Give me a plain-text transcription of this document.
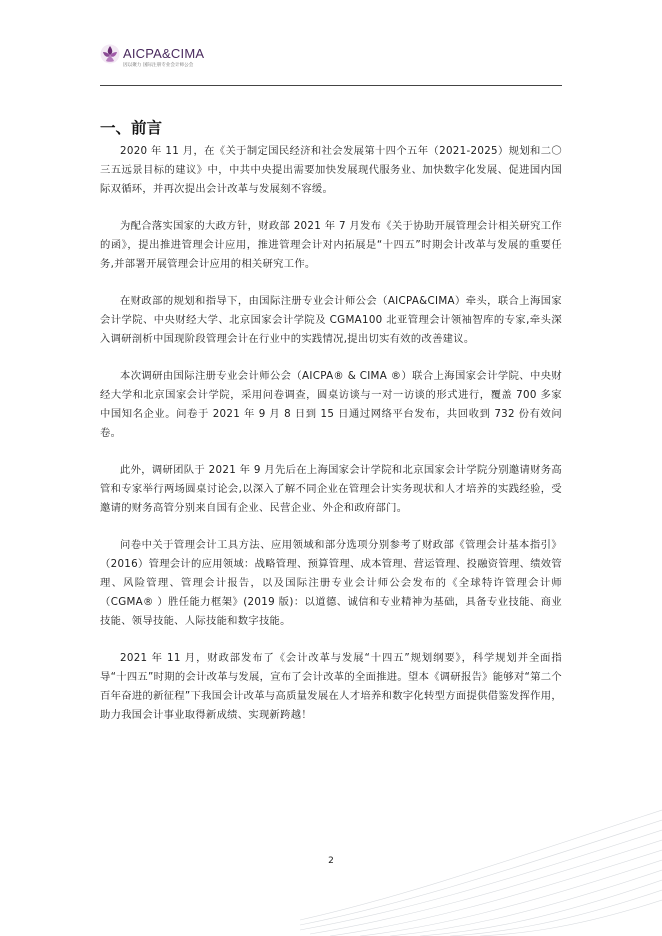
AICPA&CIMA
因以聚力 国际注册专业会计师公会
一、前言

2020 年 11 月，在《关于制定国民经济和社会发展第十四个五年（2021-2025）规划和二〇三五远景目标的建议》中，中共中央提出需要加快发展现代服务业、加快数字化发展、促进国内国际双循环，并再次提出会计改革与发展刻不容缓。

为配合落实国家的大政方针，财政部 2021 年 7 月发布《关于协助开展管理会计相关研究工作的函》，提出推进管理会计应用，推进管理会计对内拓展是“十四五”时期会计改革与发展的重要任务,并部署开展管理会计应用的相关研究工作。

在财政部的规划和指导下，由国际注册专业会计师公会（AICPA&CIMA）牵头，联合上海国家会计学院、中央财经大学、北京国家会计学院及 CGMA100 北亚管理会计领袖智库的专家,牵头深入调研剖析中国现阶段管理会计在行业中的实践情况,提出切实有效的改善建议。

本次调研由国际注册专业会计师公会（AICPA® & CIMA ®）联合上海国家会计学院、中央财经大学和北京国家会计学院，采用问卷调查，圆桌访谈与一对一访谈的形式进行，覆盖 700 多家中国知名企业。问卷于 2021 年 9 月 8 日到 15 日通过网络平台发布，共回收到 732 份有效问卷。

此外，调研团队于 2021 年 9 月先后在上海国家会计学院和北京国家会计学院分别邀请财务高管和专家举行两场圆桌讨论会,以深入了解不同企业在管理会计实务现状和人才培养的实践经验，受邀请的财务高管分别来自国有企业、民营企业、外企和政府部门。

问卷中关于管理会计工具方法、应用领域和部分选项分别参考了财政部《管理会计基本指引》（2016）管理会计的应用领域：战略管理、预算管理、成本管理、营运管理、投融资管理、绩效管理、风险管理、管理会计报告，以及国际注册专业会计师公会发布的《全球特许管理会计师（CGMA® ）胜任能力框架》(2019 版)：以道德、诚信和专业精神为基础，具备专业技能、商业技能、领导技能、人际技能和数字技能。

2021 年 11 月，财政部发布了《会计改革与发展“十四五”规划纲要》，科学规划并全面指导“十四五”时期的会计改革与发展，宣布了会计改革的全面推进。望本《调研报告》能够对“第二个百年奋进的新征程”下我国会计改革与高质量发展在人才培养和数字化转型方面提供借鉴发挥作用，助力我国会计事业取得新成绩、实现新跨越！

2
